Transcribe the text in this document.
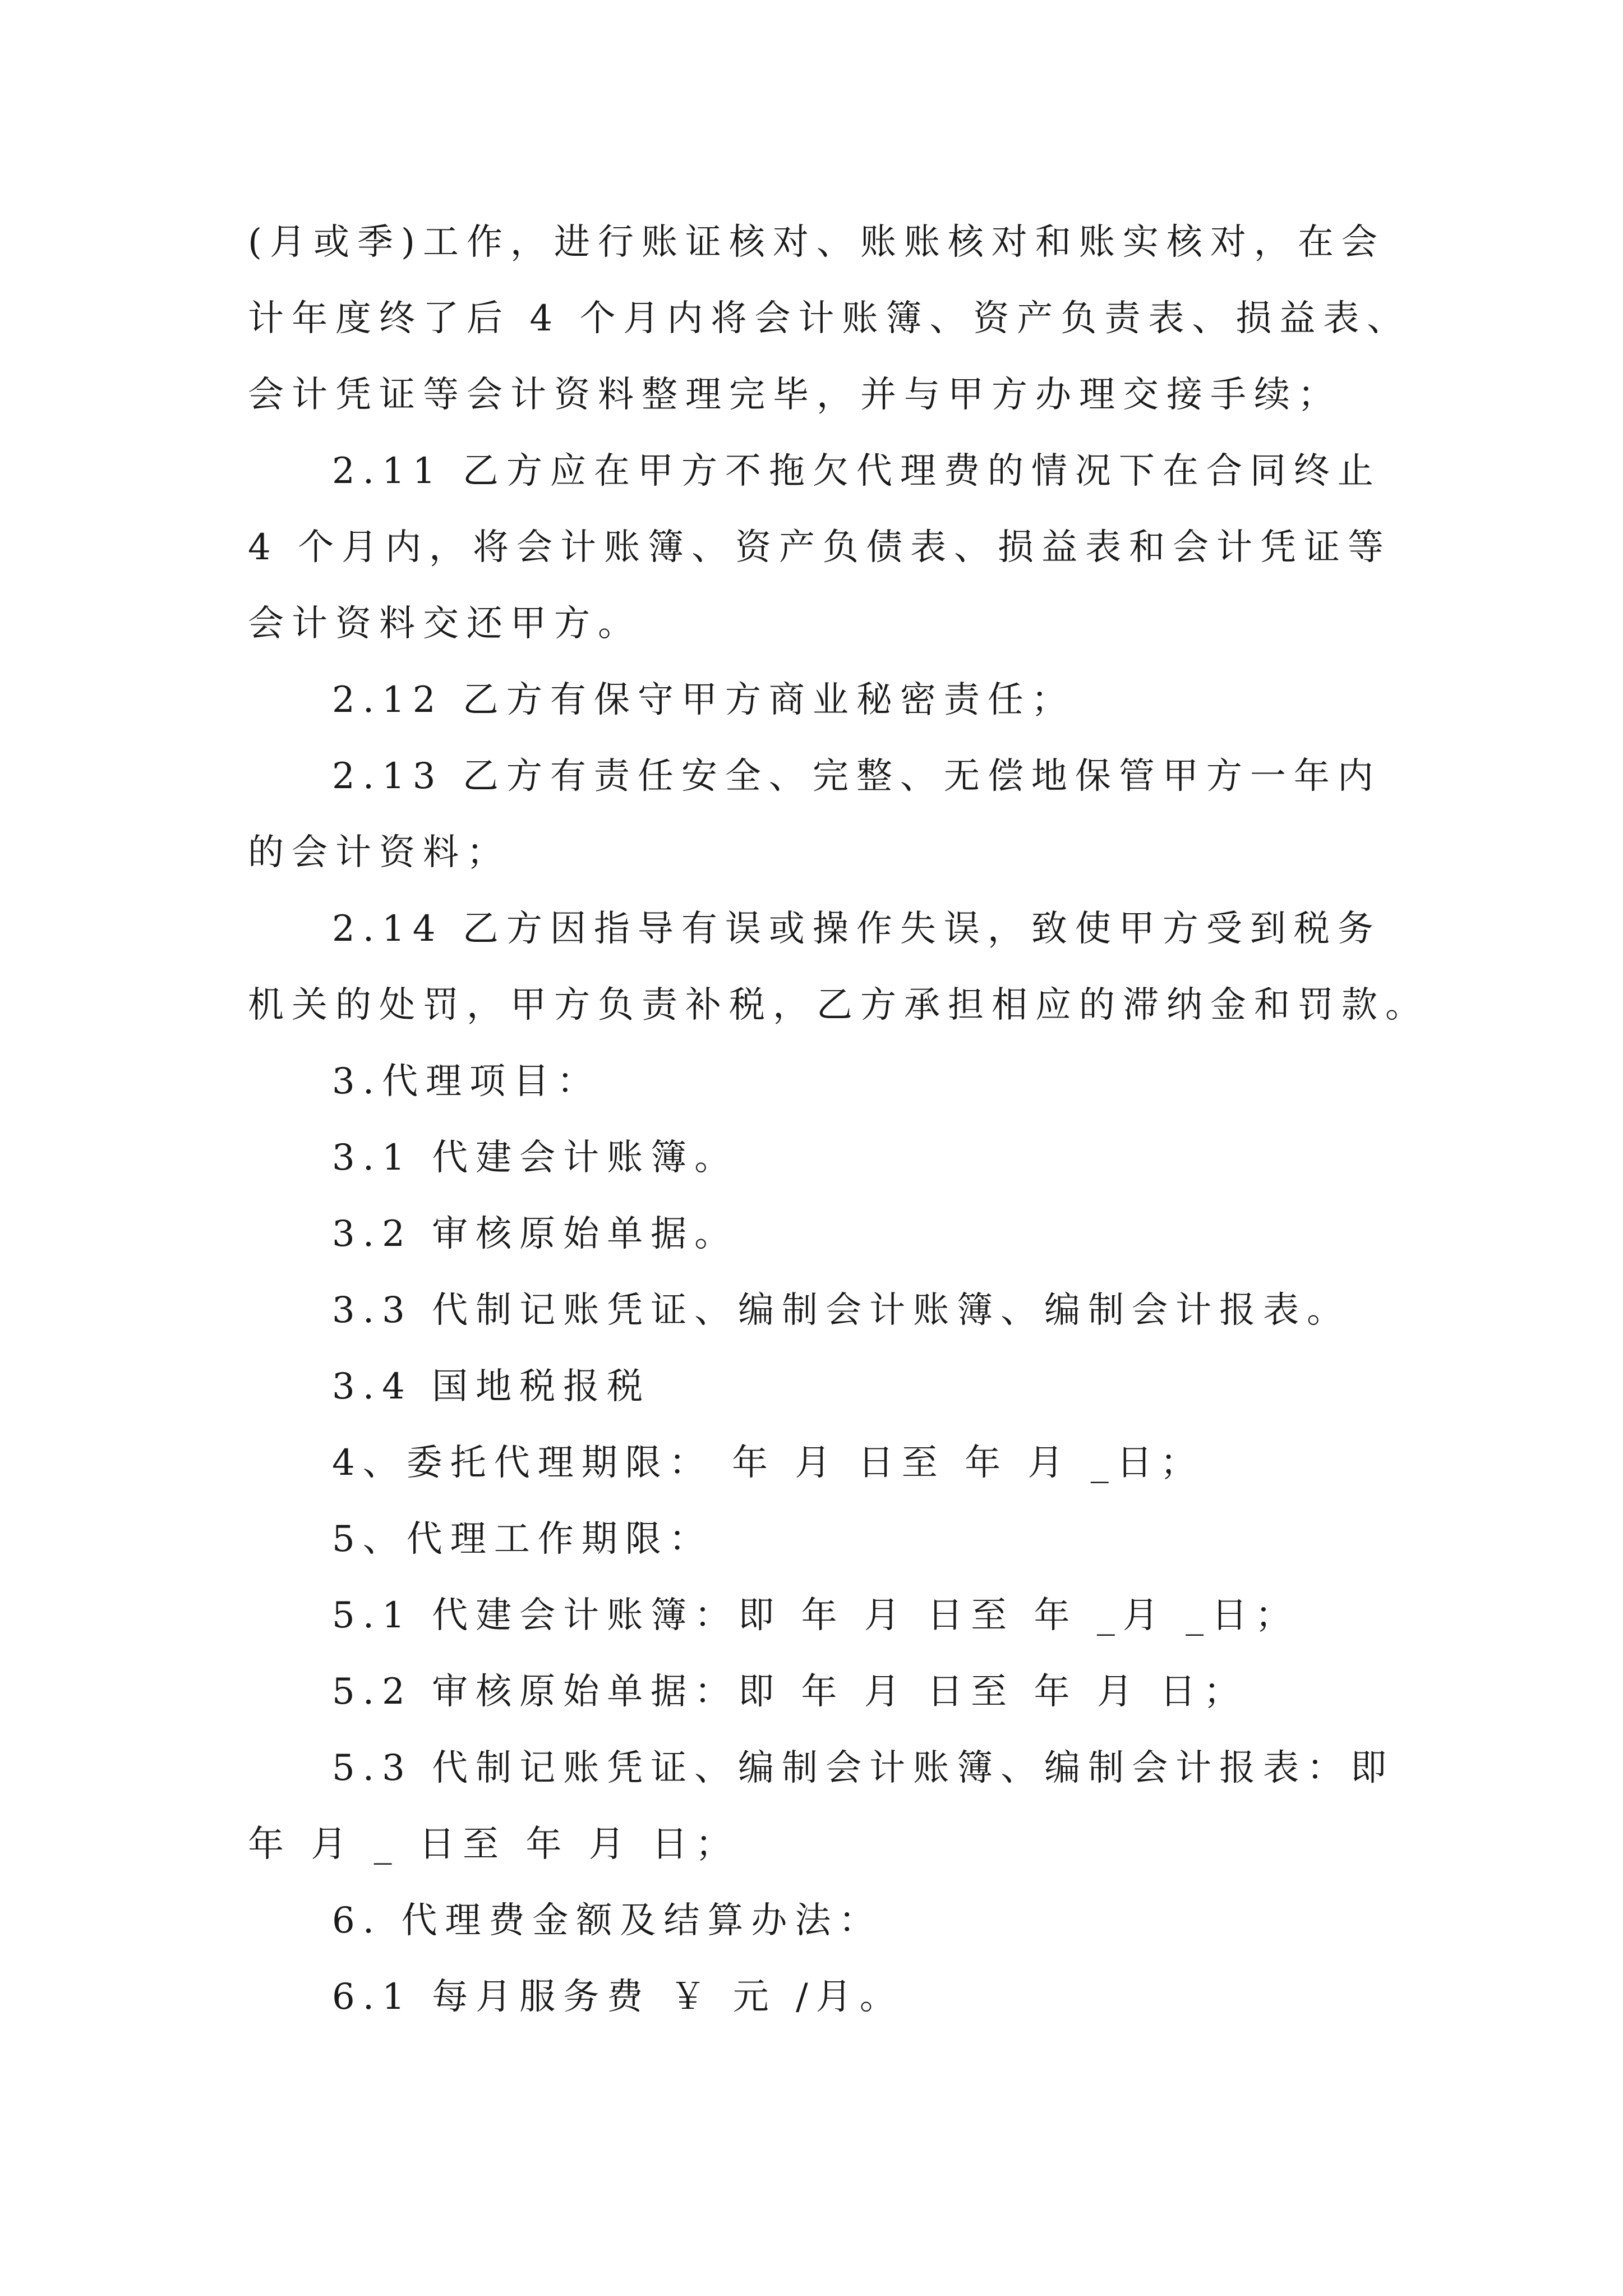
(月或季)工作，进行账证核对、账账核对和账实核对，在会
计年度终了后 4 个月内将会计账簿、资产负责表、损益表、
会计凭证等会计资料整理完毕，并与甲方办理交接手续；
2.11 乙方应在甲方不拖欠代理费的情况下在合同终止
4 个月内，将会计账簿、资产负债表、损益表和会计凭证等
会计资料交还甲方。
2.12 乙方有保守甲方商业秘密责任；
2.13 乙方有责任安全、完整、无偿地保管甲方一年内
的会计资料；
2.14 乙方因指导有误或操作失误，致使甲方受到税务
机关的处罚，甲方负责补税，乙方承担相应的滞纳金和罚款。
3.代理项目：
3.1 代建会计账簿。
3.2 审核原始单据。
3.3 代制记账凭证、编制会计账簿、编制会计报表。
3.4 国地税报税
4、委托代理期限： 年 月 日至 年 月 _日；
5、代理工作期限：
5.1 代建会计账簿：即 年 月 日至 年 _月 _日；
5.2 审核原始单据：即 年 月 日至 年 月 日；
5.3 代制记账凭证、编制会计账簿、编制会计报表：即
年 月 _ 日至 年 月 日；
6. 代理费金额及结算办法：
6.1 每月服务费 ￥ 元 /月。
